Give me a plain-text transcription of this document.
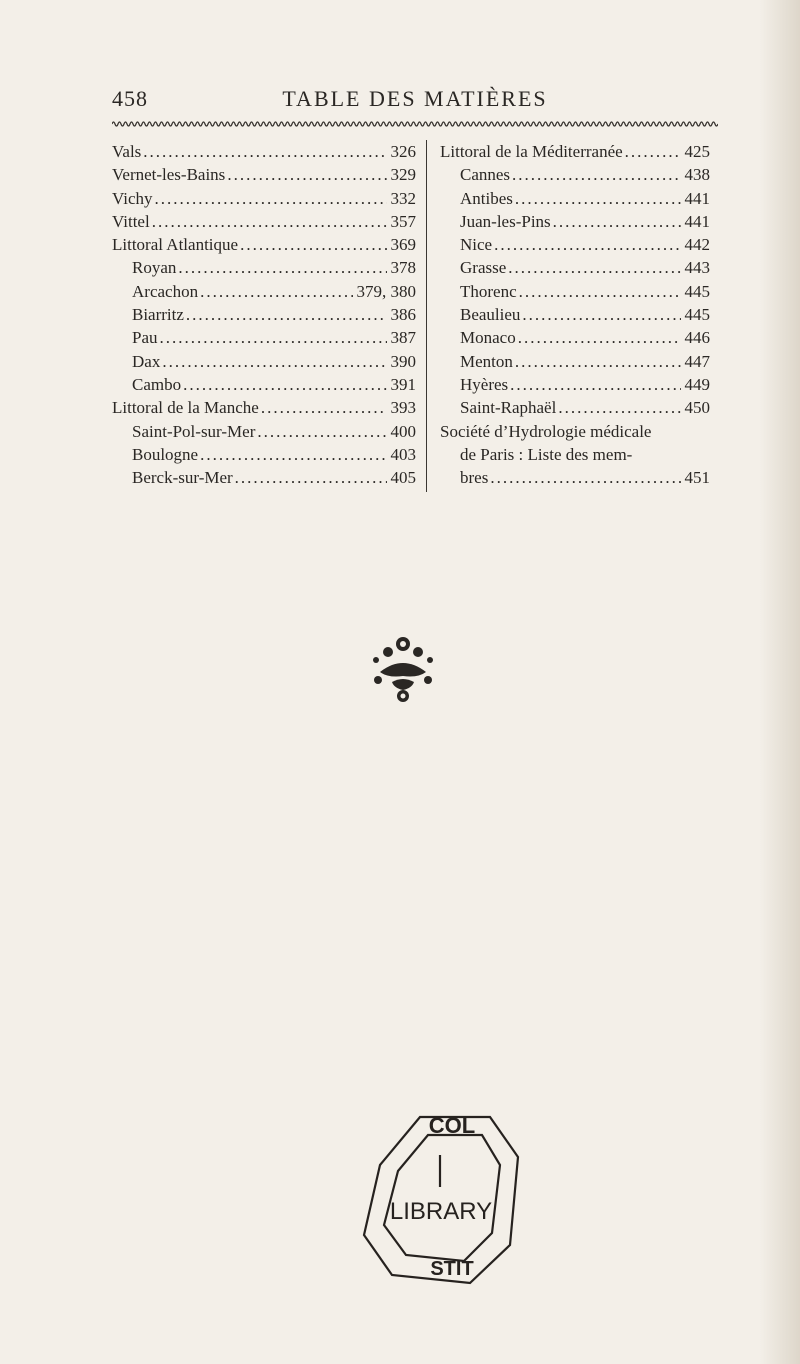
458	TABLE DES MATIÈRES
Vals .....	326
Vernet-les-Bains .....	329
Vichy .....	332
Vittel .....	357
Littoral Atlantique .....	369
Royan .....	378
Arcachon .....	379, 380
Biarritz .....	386
Pau .....	387
Dax .....	390
Cambo .....	391
Littoral de la Manche .....	393
Saint-Pol-sur-Mer .....	400
Boulogne .....	403
Berck-sur-Mer .....	405
Littoral de la Méditerranée .....	425
Cannes .....	438
Antibes .....	441
Juan-les-Pins .....	441
Nice .....	442
Grasse .....	443
Thorenc .....	445
Beaulieu .....	445
Monaco .....	446
Menton .....	447
Hyères .....	449
Saint-Raphaël .....	450
Société d’Hydrologie médicale
de Paris : Liste des mem-
bres .....	451
COL
LIBRARY
STIT
